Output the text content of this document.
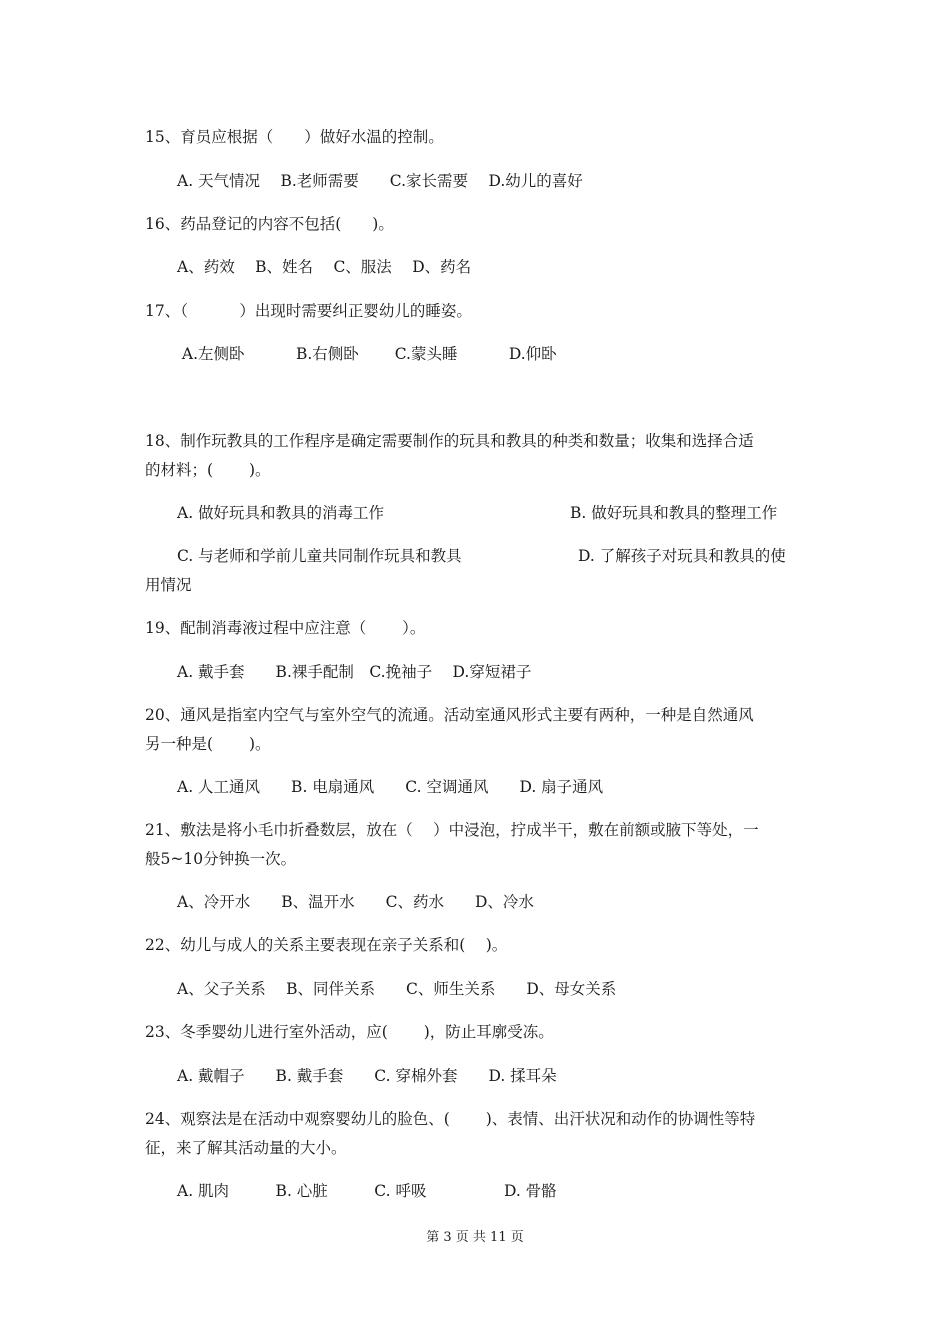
15、育员应根据（　　）做好水温的控制。
A. 天气情况　 B.老师需要　　C.家长需要　 D.幼儿的喜好
16、药品登记的内容不包括(　　)。
A、药效　 B、姓名　 C、服法　 D、药名
17、（　　　 ）出现时需要纠正婴幼儿的睡姿。
A.左侧卧　　　 B.右侧卧　　 C.蒙头睡　　　 D.仰卧
18、制作玩教具的工作程序是确定需要制作的玩具和教具的种类和数量；收集和选择合适
的材料；(　　 )。
A. 做好玩具和教具的消毒工作	B. 做好玩具和教具的整理工作
C. 与老师和学前儿童共同制作玩具和教具	D. 了解孩子对玩具和教具的使
用情况
19、配制消毒液过程中应注意（　　 ）。
A. 戴手套　　B.裸手配制　C.挽袖子　 D.穿短裙子
20、通风是指室内空气与室外空气的流通。活动室通风形式主要有两种，一种是自然通风
另一种是(　　 )。
A. 人工通风　　B. 电扇通风　　C. 空调通风　　D. 扇子通风
21、敷法是将小毛巾折叠数层，放在（　 ）中浸泡，拧成半干，敷在前额或腋下等处，一
般5~10分钟换一次。
A、冷开水　　B、温开水　　C、药水　　D、冷水
22、幼儿与成人的关系主要表现在亲子关系和(　 )。
A、父子关系　 B、同伴关系　　C、师生关系　　D、母女关系
23、冬季婴幼儿进行室外活动，应(　　 )，防止耳廓受冻。
A. 戴帽子　　B. 戴手套　　C. 穿棉外套　　D. 揉耳朵
24、观察法是在活动中观察婴幼儿的脸色、(　　 )、表情、出汗状况和动作的协调性等特
征，来了解其活动量的大小。
A. 肌肉　　　B. 心脏　　　C. 呼吸　　　　　D. 骨骼
第 3 页 共 11 页
